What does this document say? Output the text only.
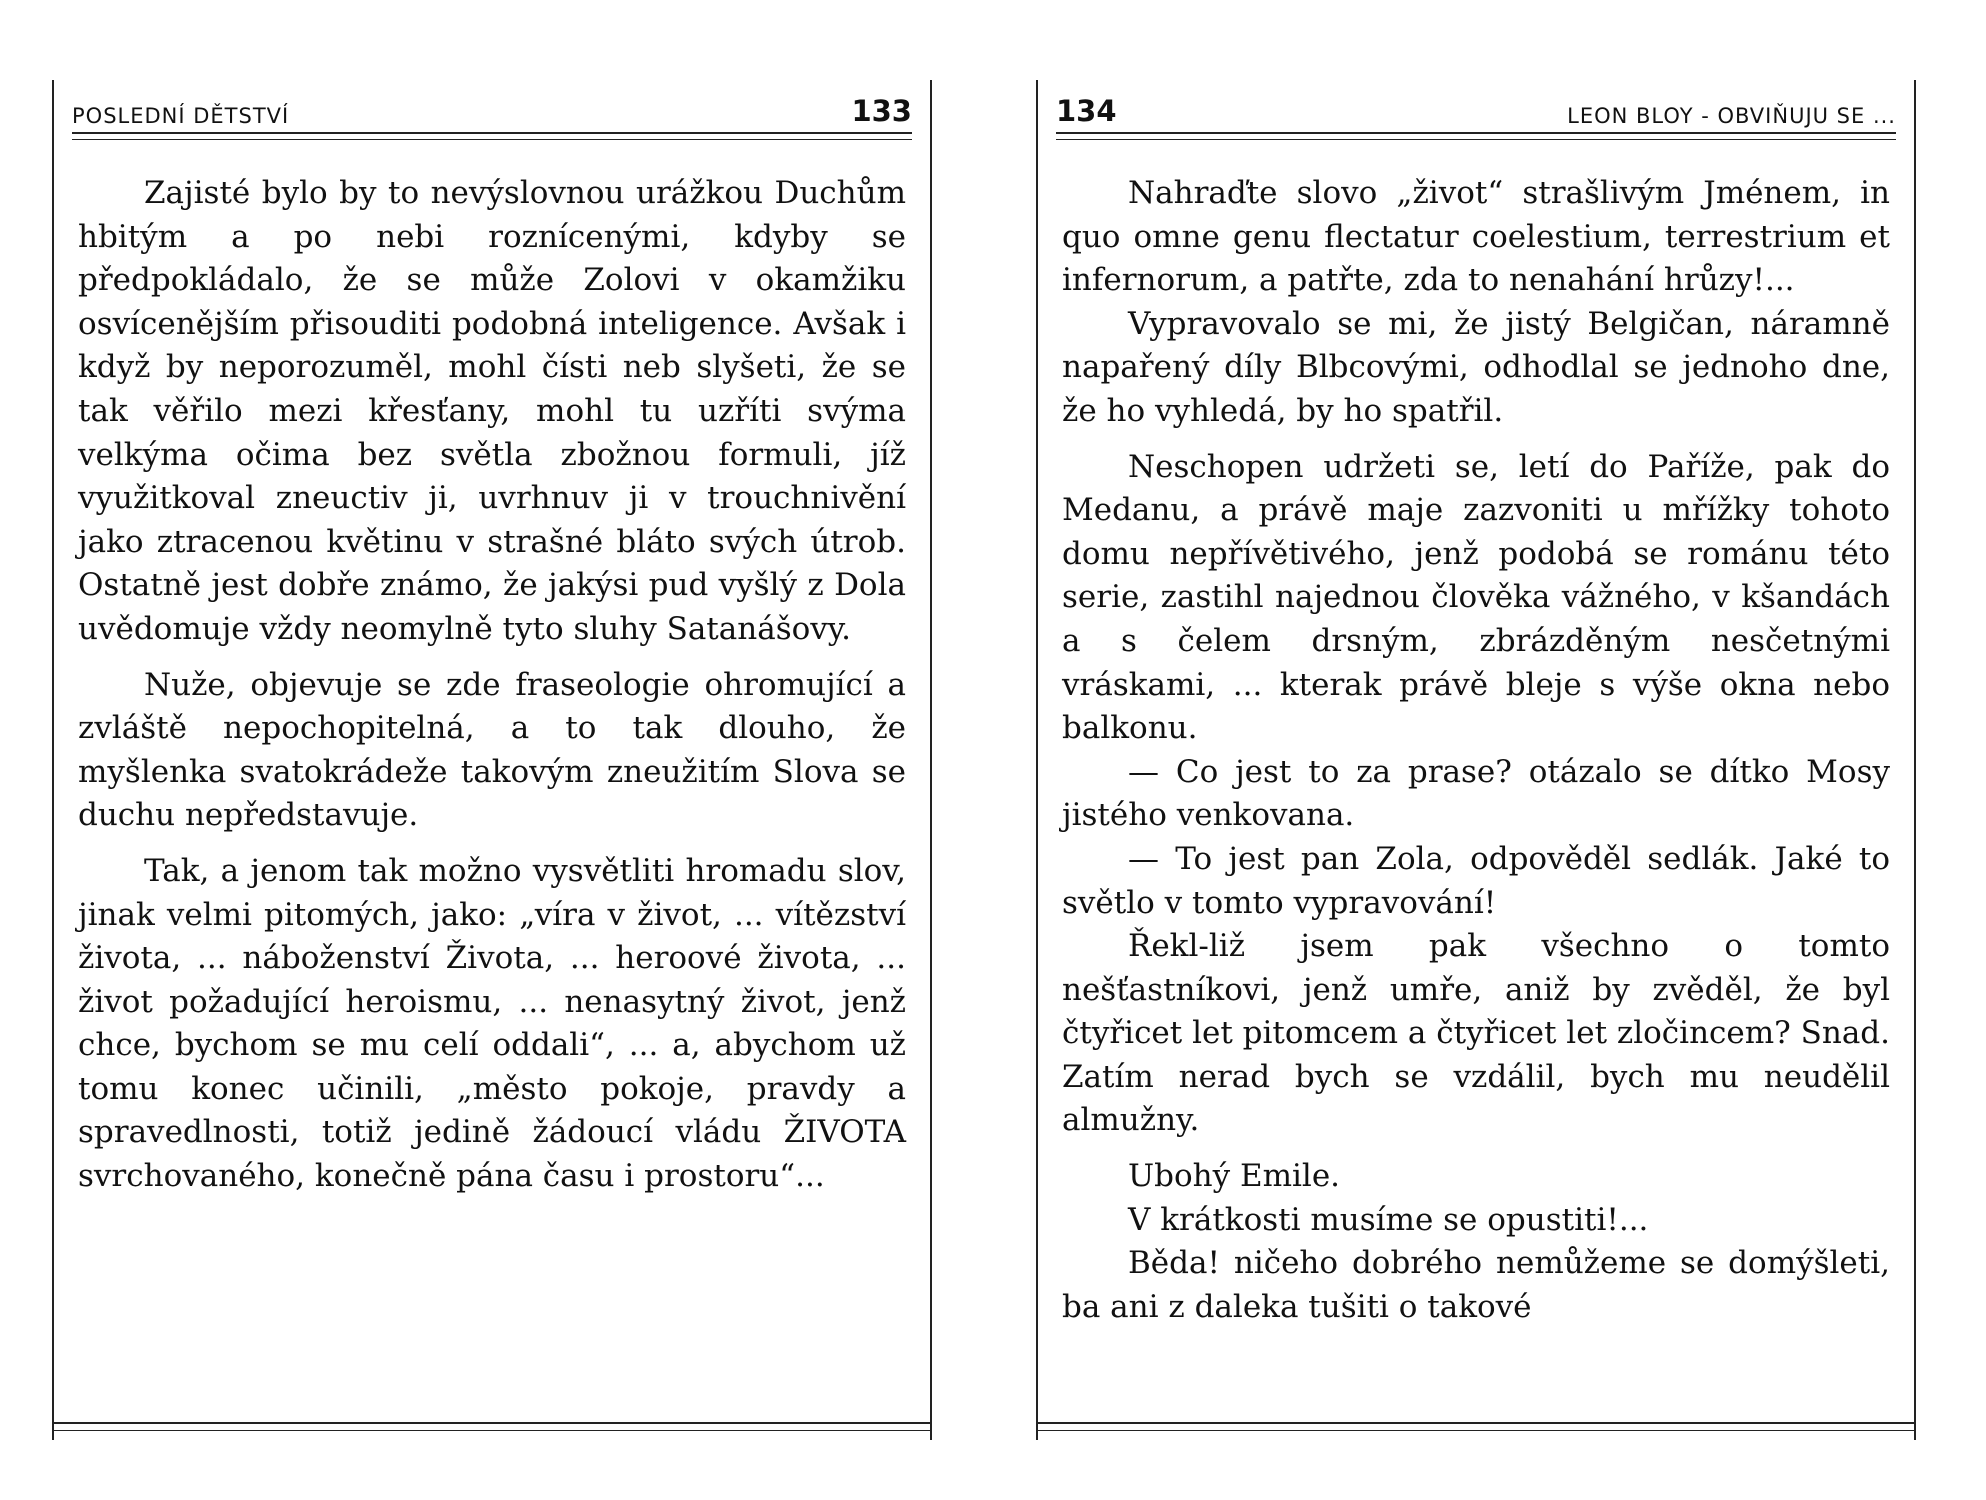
POSLEDNÍ DĚTSTVÍ	133

Zajisté bylo by to nevýslovnou urážkou Duchům hbitým a po nebi roznícenými, kdyby se předpokládalo, že se může Zolovi v okamžiku osvícenějším přisouditi podobná inteligence. Avšak i když by neporozuměl, mohl čísti neb slyšeti, že se tak věřilo mezi křesťany, mohl tu uzříti svýma velkýma očima bez světla zbožnou formuli, jíž využitkoval zneuctiv ji, uvrhnuv ji v trouchnivění jako ztracenou květinu v strašné bláto svých útrob. Ostatně jest dobře známo, že jakýsi pud vyšlý z Dola uvědomuje vždy neomylně tyto sluhy Satanášovy.

Nuže, objevuje se zde fraseologie ohromující a zvláště nepochopitelná, a to tak dlouho, že myšlenka svatokrádeže takovým zneužitím Slova se duchu nepředstavuje.

Tak, a jenom tak možno vysvětliti hromadu slov, jinak velmi pitomých, jako: „víra v život, ... vítězství života, ... náboženství Života, ... heroové života, ... život požadující heroismu, ... nenasytný život, jenž chce, bychom se mu celí oddali“, ... a, abychom už tomu konec učinili, „město pokoje, pravdy a spravedlnosti, totiž jedině žádoucí vládu ŽIVOTA svrchovaného, konečně pána času i prostoru“...

134	LEON BLOY - OBVIŇUJU SE ...

Nahraďte slovo „život“ strašlivým Jménem, in quo omne genu flectatur coelestium, terrestrium et infernorum, a patřte, zda to nenahání hrůzy!...

Vypravovalo se mi, že jistý Belgičan, náramně napařený díly Blbcovými, odhodlal se jednoho dne, že ho vyhledá, by ho spatřil.

Neschopen udržeti se, letí do Paříže, pak do Medanu, a právě maje zazvoniti u mřížky tohoto domu nepřívětivého, jenž podobá se románu této serie, zastihl najednou člověka vážného, v kšandách a s čelem drsným, zbrázděným nesčetnými vráskami, ... kterak právě bleje s výše okna nebo balkonu.

— Co jest to za prase? otázalo se dítko Mosy jistého venkovana.

— To jest pan Zola, odpověděl sedlák. Jaké to světlo v tomto vypravování!

Řekl-liž jsem pak všechno o tomto nešťastníkovi, jenž umře, aniž by zvěděl, že byl čtyřicet let pitomcem a čtyřicet let zločincem? Snad. Zatím nerad bych se vzdálil, bych mu neudělil almužny.

Ubohý Emile.

V krátkosti musíme se opustiti!...

Běda! ničeho dobrého nemůžeme se domýšleti, ba ani z daleka tušiti o takové
